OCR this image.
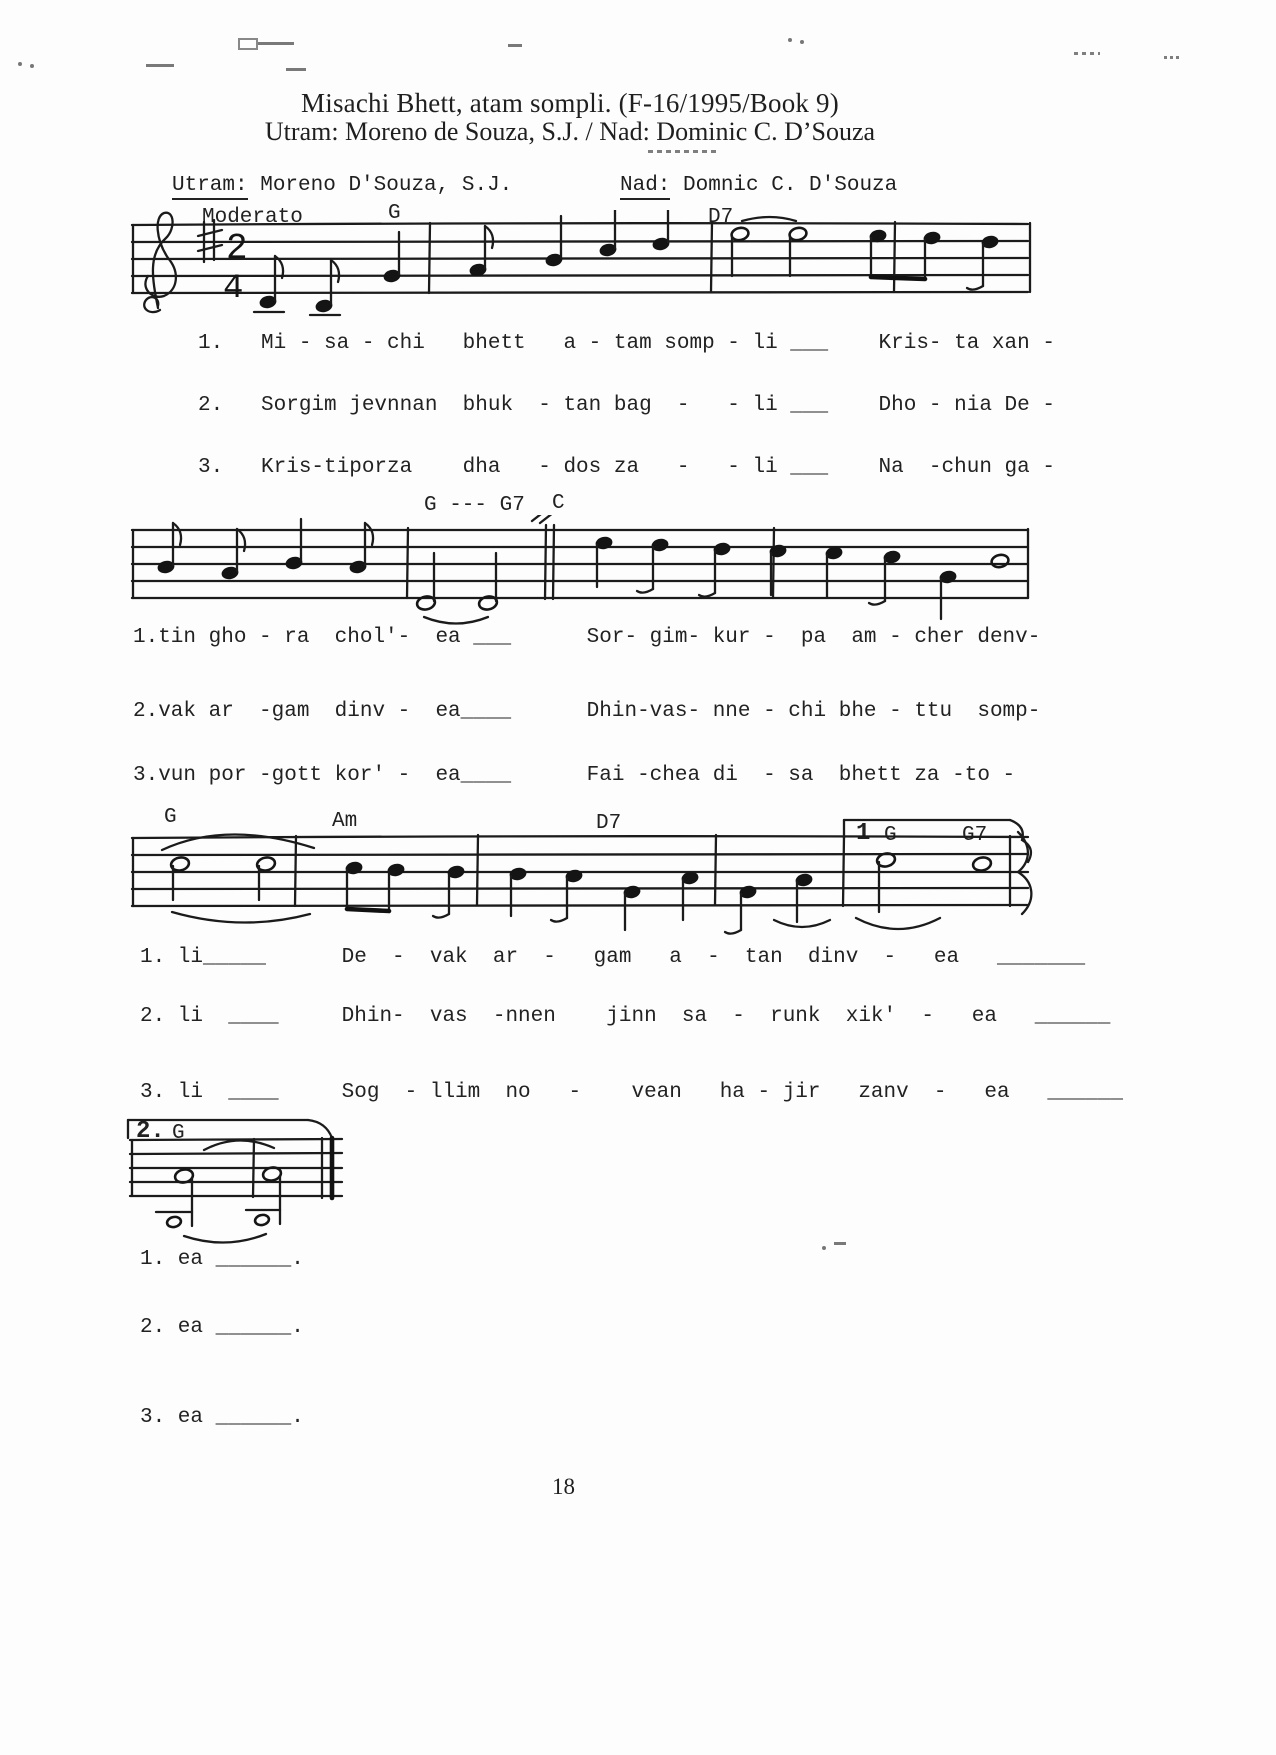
Misachi Bhett, atam sompli. (F-16/1995/Book 9)
Utram: Moreno de Souza, S.J. / Nad: Dominic C. D’Souza
Utram: Moreno D'Souza, S.J.	Nad: Domnic C. D'Souza
Moderato	G	D7
2
4
1.   Mi - sa - chi   bhett   a - tam somp - li ___    Kris- ta xan -
2.   Sorgim jevnnan  bhuk  - tan bag  -   - li ___    Dho - nia De -
3.   Kris-tiporza    dha   - dos za   -   - li ___    Na  -chun ga -
G --- G7 C
1.tin gho - ra  chol'-  ea ___      Sor- gim- kur -  pa  am - cher denv-
2.vak ar  -gam  dinv -  ea____      Dhin-vas- nne - chi bhe - ttu  somp-
3.vun por -gott kor' -  ea____      Fai -chea di  - sa  bhett za -to -
G	Am	D7	1 G	G7
1. li_____      De  -  vak  ar  -   gam   a  -  tan  dinv  -   ea   _______
2. li  ____     Dhin-  vas  -nnen    jinn  sa  -  runk  xik'  -   ea   ______
3. li  ____     Sog  - llim  no   -    vean   ha - jir   zanv  -   ea   ______
2. G
1. ea ______.
2. ea ______.
3. ea ______.
18
